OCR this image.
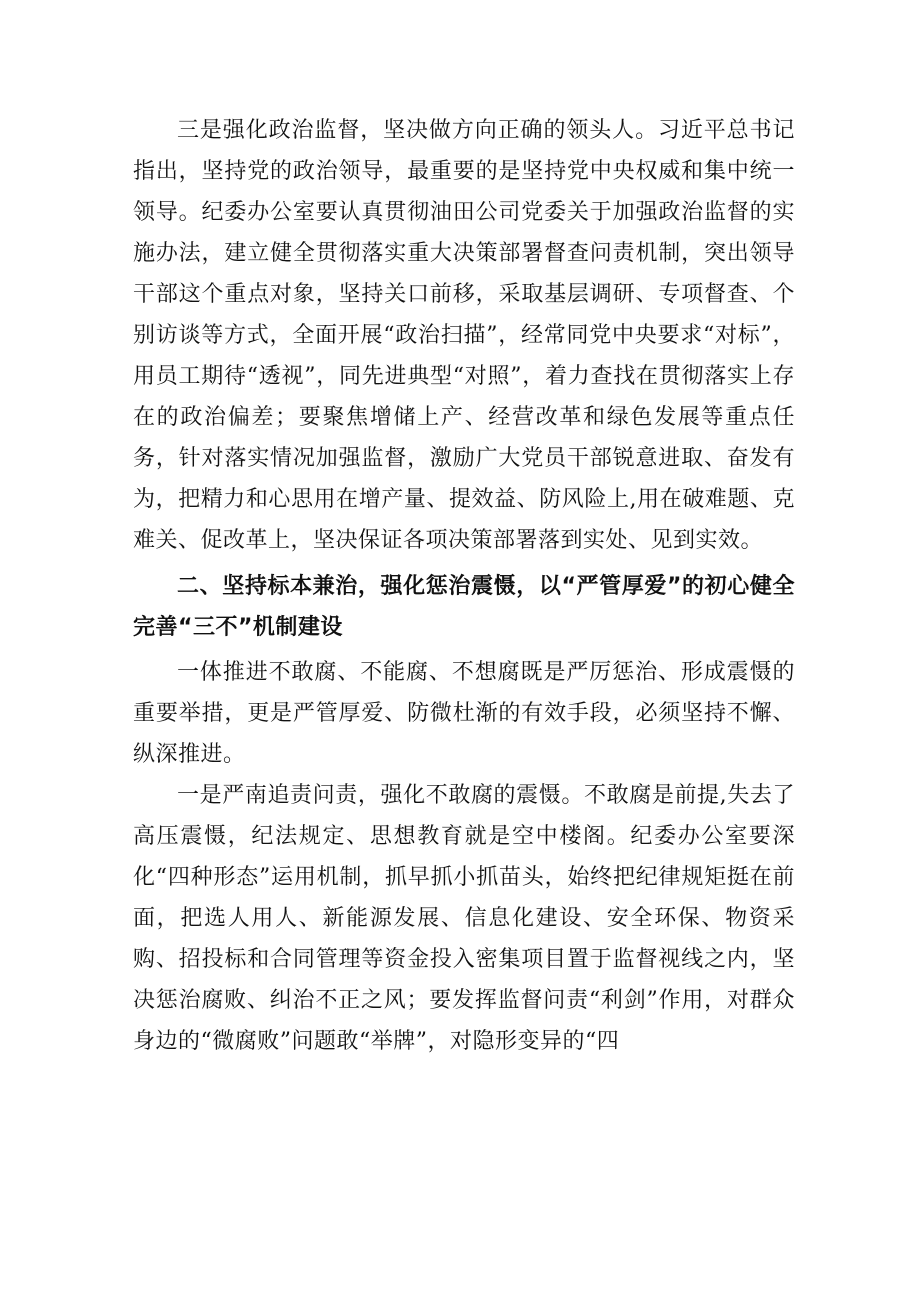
三是强化政治监督，坚决做方向正确的领头人。习近平总书记指出，坚持党的政治领导，最重要的是坚持党中央权威和集中统一领导。纪委办公室要认真贯彻油田公司党委关于加强政治监督的实施办法，建立健全贯彻落实重大决策部署督查问责机制，突出领导干部这个重点对象，坚持关口前移，采取基层调研、专项督查、个别访谈等方式，全面开展“政治扫描”，经常同党中央要求“对标”，用员工期待“透视”，同先进典型“对照”，着力查找在贯彻落实上存在的政治偏差；要聚焦增储上产、经营改革和绿色发展等重点任务，针对落实情况加强监督，激励广大党员干部锐意进取、奋发有为，把精力和心思用在增产量、提效益、防风险上,用在破难题、克难关、促改革上，坚决保证各项决策部署落到实处、见到实效。

二、坚持标本兼治，强化惩治震慑，以“严管厚爱”的初心健全完善“三不”机制建设

一体推进不敢腐、不能腐、不想腐既是严厉惩治、形成震慑的重要举措，更是严管厚爱、防微杜渐的有效手段，必须坚持不懈、纵深推进。

一是严南追责问责，强化不敢腐的震慑。不敢腐是前提,失去了高压震慑，纪法规定、思想教育就是空中楼阁。纪委办公室要深化“四种形态”运用机制，抓早抓小抓苗头，始终把纪律规矩挺在前面，把选人用人、新能源发展、信息化建设、安全环保、物资采购、招投标和合同管理等资金投入密集项目置于监督视线之内，坚决惩治腐败、纠治不正之风；要发挥监督问责“利剑”作用，对群众身边的“微腐败”问题敢“举牌”，对隐形变异的“四
